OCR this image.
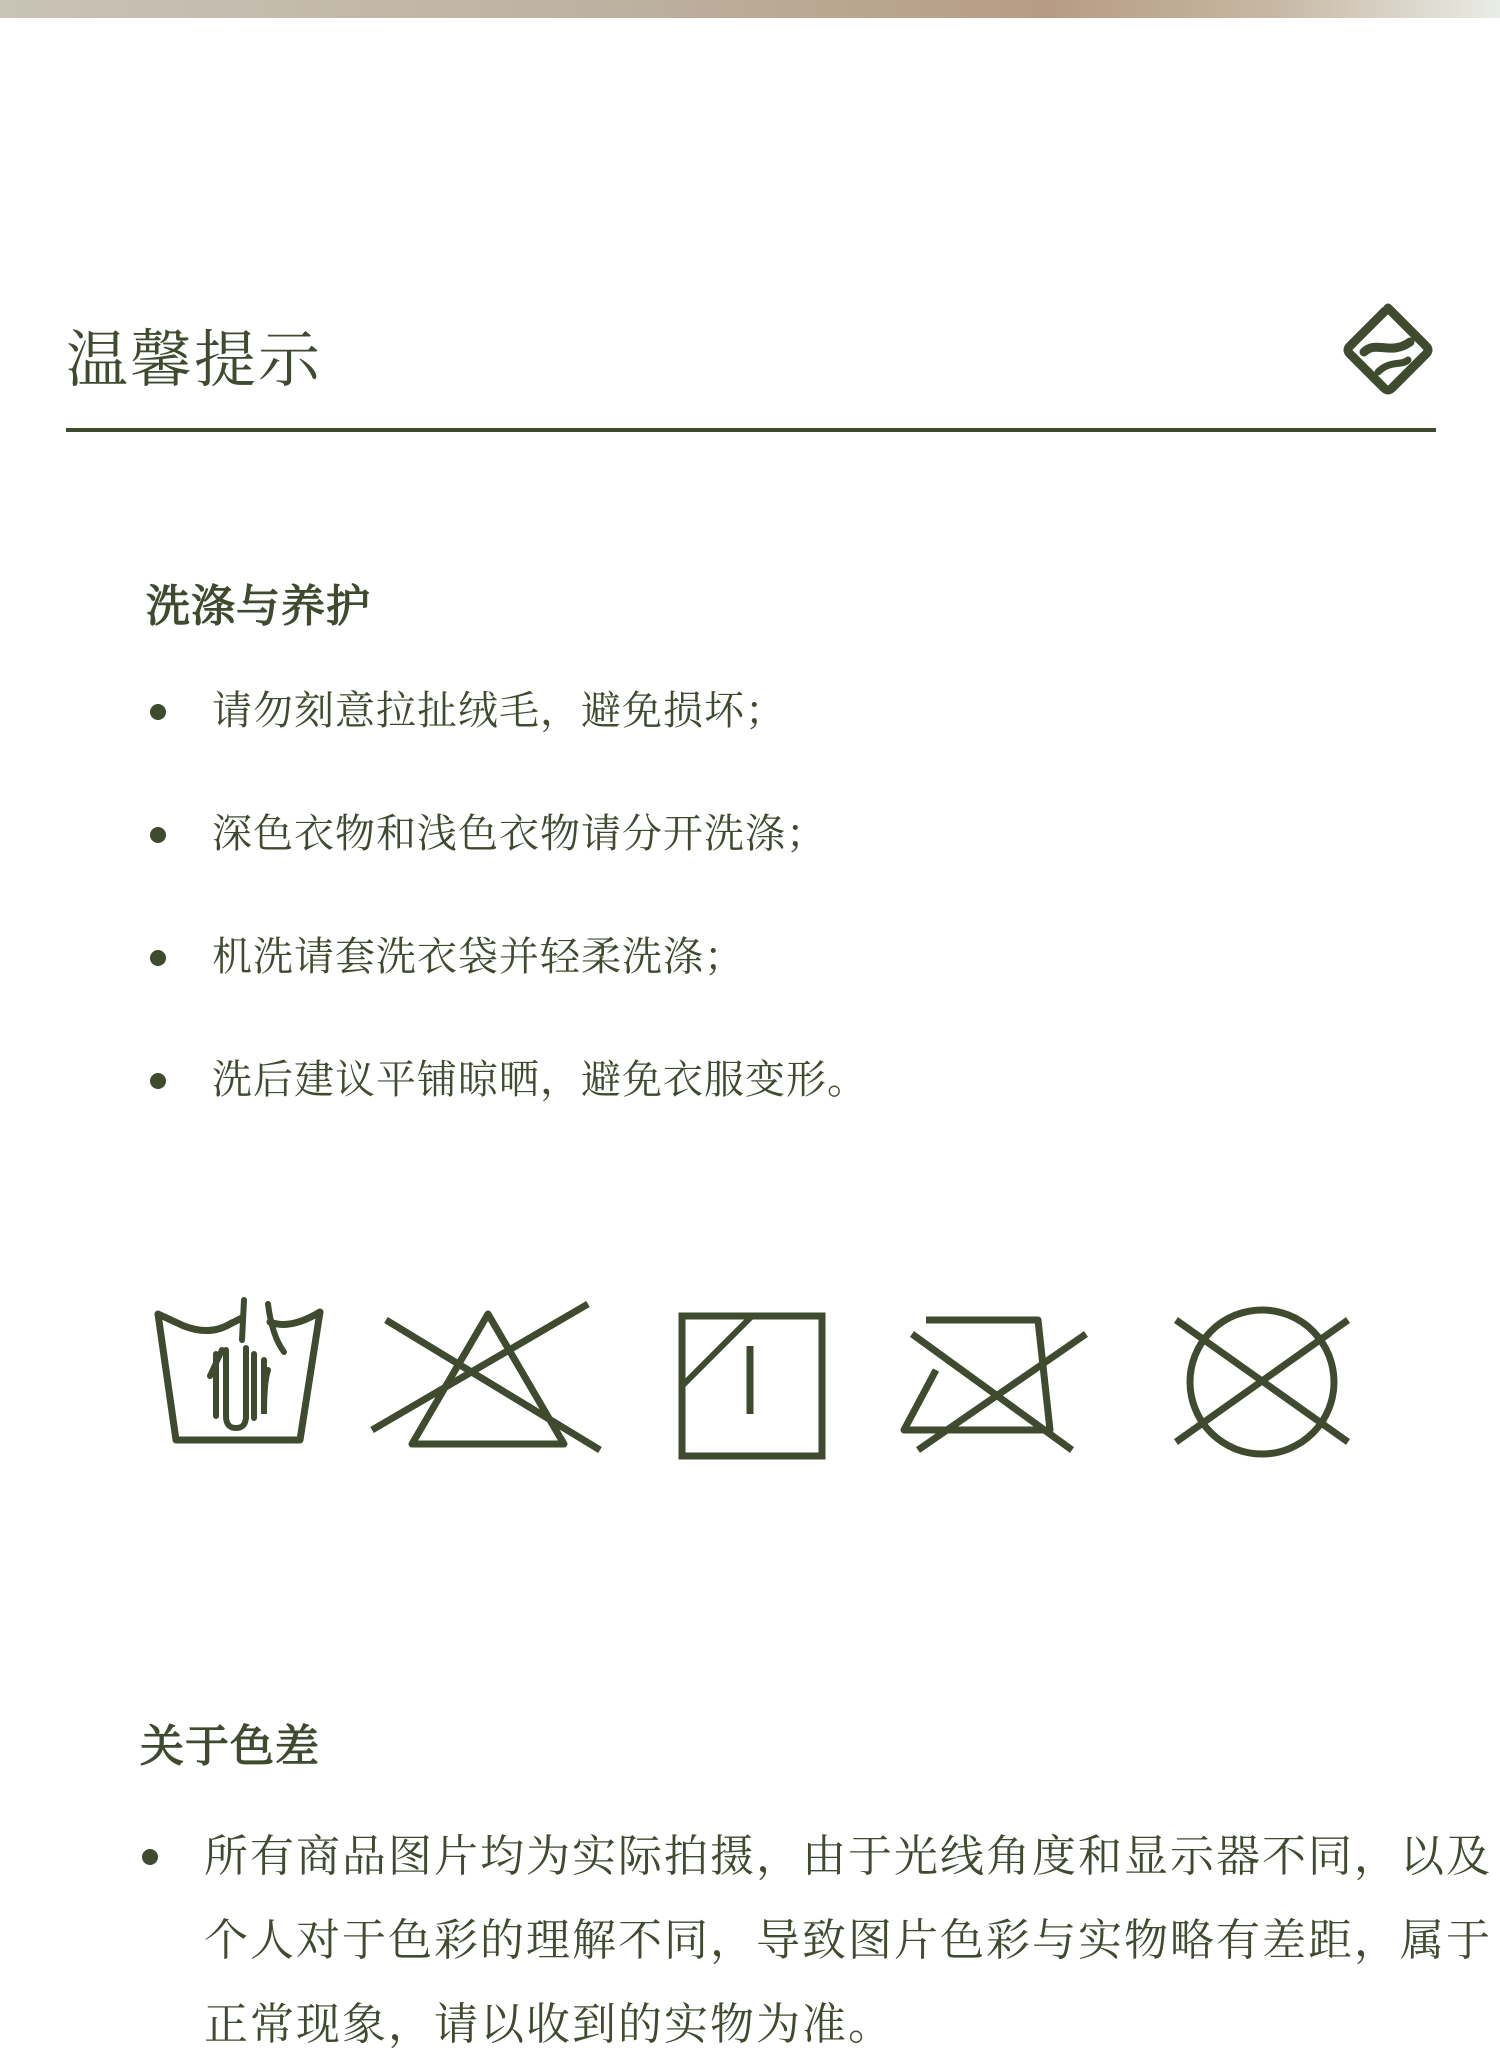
温馨提示
洗涤与养护
请勿刻意拉扯绒毛，避免损坏；
深色衣物和浅色衣物请分开洗涤；
机洗请套洗衣袋并轻柔洗涤；
洗后建议平铺晾晒，避免衣服变形。
关于色差
所有商品图片均为实际拍摄，由于光线角度和显示器不同，以及个人对于色彩的理解不同，导致图片色彩与实物略有差距，属于正常现象，请以收到的实物为准。
